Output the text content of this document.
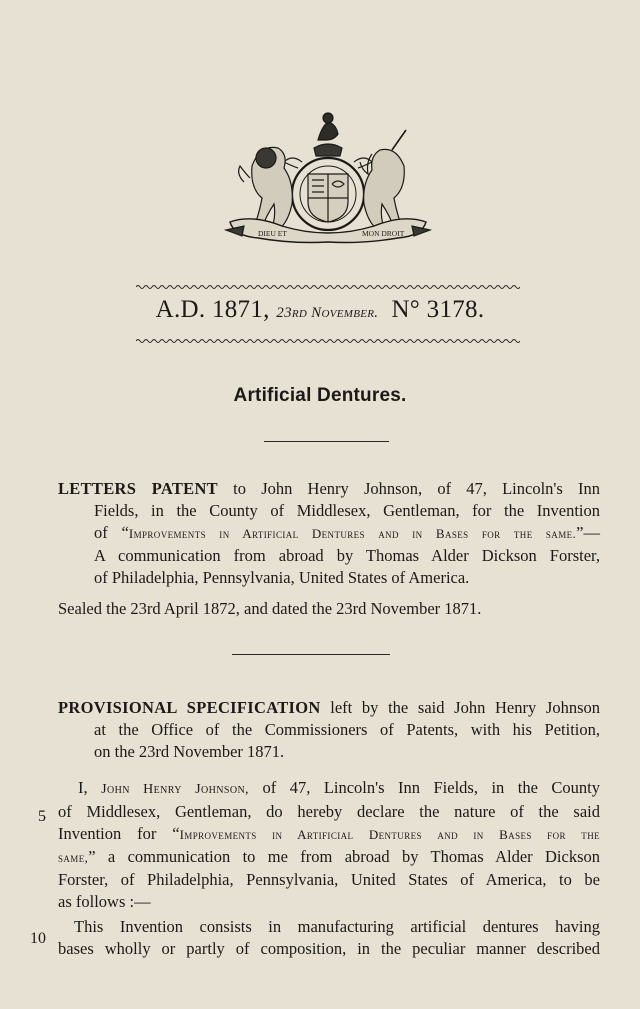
DIEU ET	MON DROIT
A.D. 1871, 23rd November. N° 3178.
Artificial Dentures.
LETTERS PATENT to John Henry Johnson, of 47, Lincoln's Inn
Fields, in the County of Middlesex, Gentleman, for the Invention
of “Improvements in Artificial Dentures and in Bases for the same.”—
A communication from abroad by Thomas Alder Dickson Forster,
of Philadelphia, Pennsylvania, United States of America.
Sealed the 23rd April 1872, and dated the 23rd November 1871.
PROVISIONAL SPECIFICATION left by the said John Henry Johnson
at the Office of the Commissioners of Patents, with his Petition,
on the 23rd November 1871.
I, John Henry Johnson, of 47, Lincoln's Inn Fields, in the County
of Middlesex, Gentleman, do hereby declare the nature of the said
Invention for “Improvements in Artificial Dentures and in Bases for the
same,” a communication to me from abroad by Thomas Alder Dickson
Forster, of Philadelphia, Pennsylvania, United States of America, to be
as follows :—
This Invention consists in manufacturing artificial dentures having
bases wholly or partly of composition, in the peculiar manner described
5
10
